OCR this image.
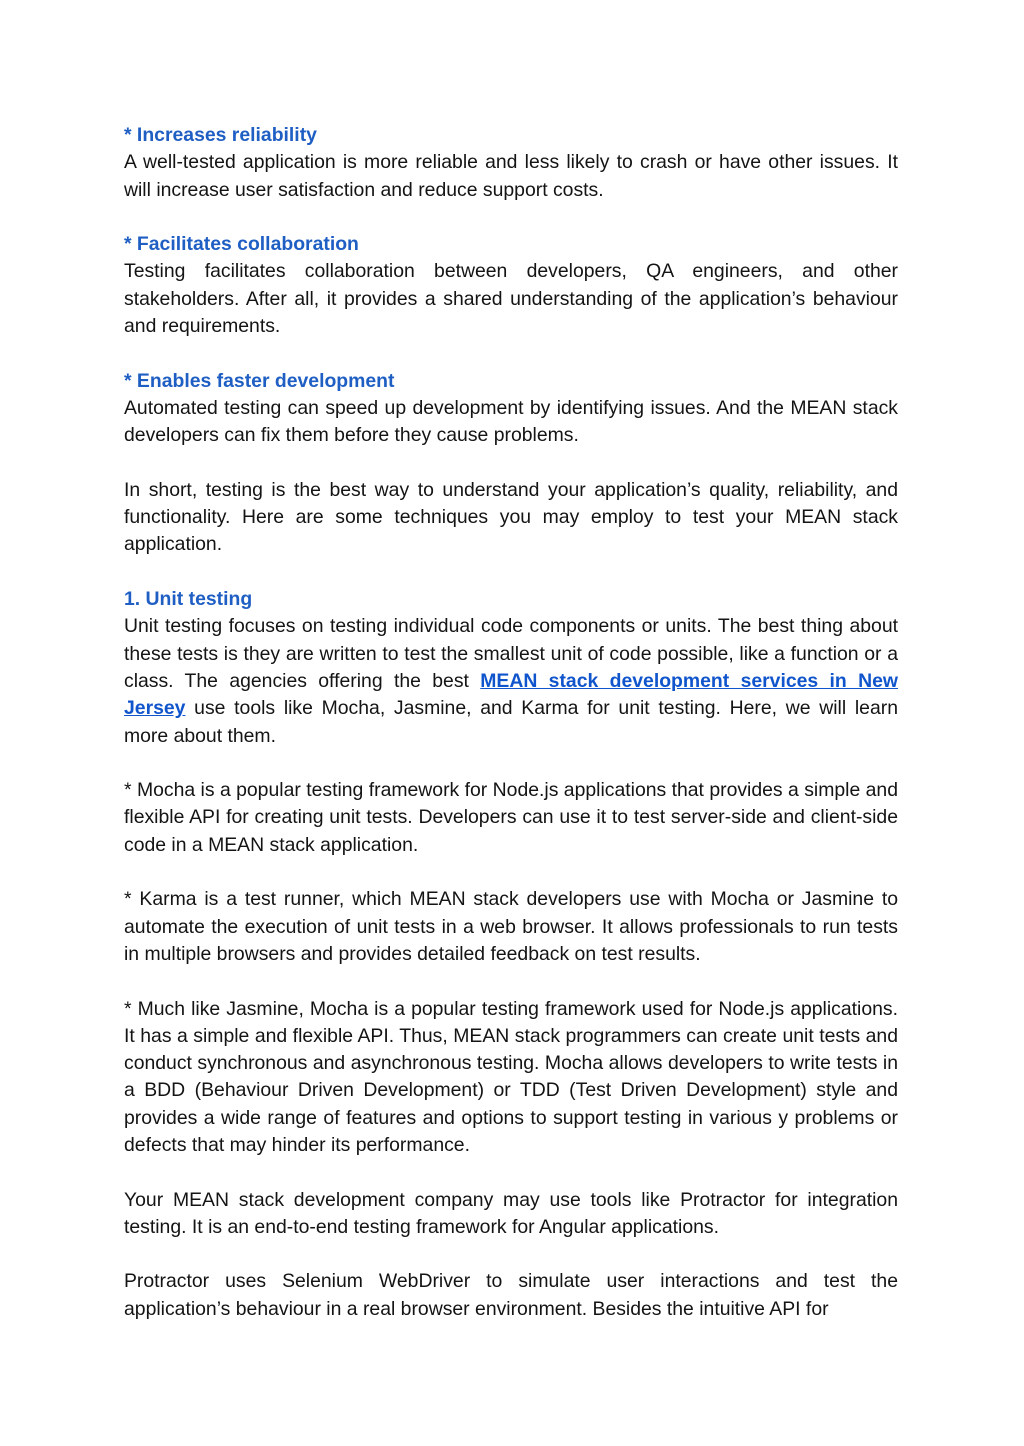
* Increases reliability

A well-tested application is more reliable and less likely to crash or have other issues. It will increase user satisfaction and reduce support costs.

* Facilitates collaboration

Testing facilitates collaboration between developers, QA engineers, and other stakeholders. After all, it provides a shared understanding of the application’s behaviour and requirements.

* Enables faster development

Automated testing can speed up development by identifying issues. And the MEAN stack developers can fix them before they cause problems.

In short, testing is the best way to understand your application’s quality, reliability, and functionality. Here are some techniques you may employ to test your MEAN stack application.

1. Unit testing

Unit testing focuses on testing individual code components or units. The best thing about these tests is they are written to test the smallest unit of code possible, like a function or a class. The agencies offering the best MEAN stack development services in New Jersey use tools like Mocha, Jasmine, and Karma for unit testing. Here, we will learn more about them.

* Mocha is a popular testing framework for Node.js applications that provides a simple and flexible API for creating unit tests. Developers can use it to test server-side and client-side code in a MEAN stack application.

* Karma is a test runner, which MEAN stack developers use with Mocha or Jasmine to automate the execution of unit tests in a web browser. It allows professionals to run tests in multiple browsers and provides detailed feedback on test results.

* Much like Jasmine, Mocha is a popular testing framework used for Node.js applications. It has a simple and flexible API. Thus, MEAN stack programmers can create unit tests and conduct synchronous and asynchronous testing. Mocha allows developers to write tests in a BDD (Behaviour Driven Development) or TDD (Test Driven Development) style and provides a wide range of features and options to support testing in various y problems or defects that may hinder its performance.

Your MEAN stack development company may use tools like Protractor for integration testing. It is an end-to-end testing framework for Angular applications.

Protractor uses Selenium WebDriver to simulate user interactions and test the application’s behaviour in a real browser environment. Besides the intuitive API for
